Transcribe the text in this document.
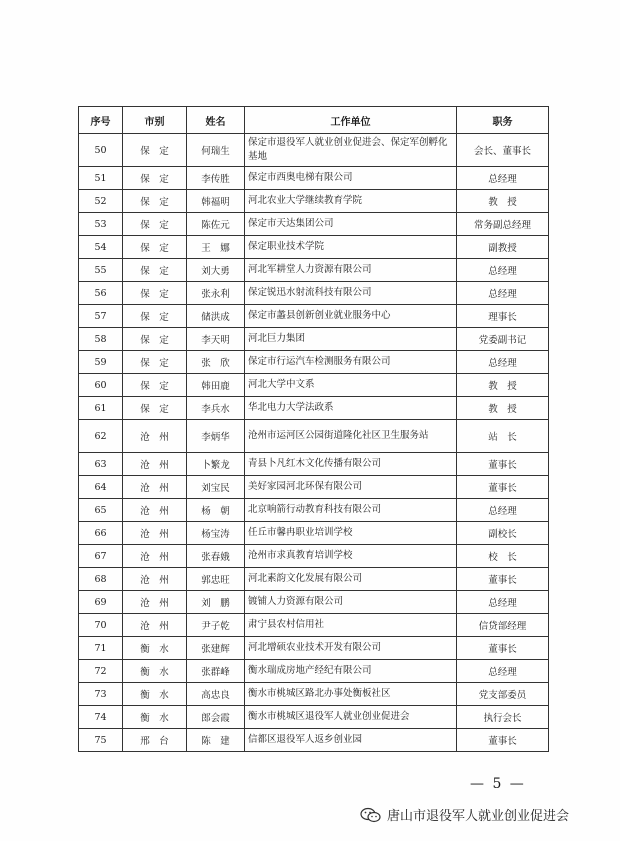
序号	市别	姓名	工作单位	职务
50	保　定	何瑞生	保定市退役军人就业创业促进会、保定军创孵化基地	会长、董事长
51	保　定	李传胜	保定市西奥电梯有限公司	总经理
52	保　定	韩福明	河北农业大学继续教育学院	教　授
53	保　定	陈佐元	保定市天达集团公司	常务副总经理
54	保　定	王　娜	保定职业技术学院	副教授
55	保　定	刘大勇	河北军耕堂人力资源有限公司	总经理
56	保　定	张永利	保定锐迅水射流科技有限公司	总经理
57	保　定	储洪成	保定市蠡县创新创业就业服务中心	理事长
58	保　定	李天明	河北巨力集团	党委副书记
59	保　定	张　欣	保定市行运汽车检测服务有限公司	总经理
60	保　定	韩田鹿	河北大学中文系	教　授
61	保　定	李兵水	华北电力大学法政系	教　授
62	沧　州	李炳华	沧州市运河区公园街道隆化社区卫生服务站	站　长
63	沧　州	卜繁龙	青县卜凡红木文化传播有限公司	董事长
64	沧　州	刘宝民	美好家园河北环保有限公司	董事长
65	沧　州	杨　朝	北京响箭行动教育科技有限公司	总经理
66	沧　州	杨宝涛	任丘市馨冉职业培训学校	副校长
67	沧　州	张春娥	沧州市求真教育培训学校	校　长
68	沧　州	郭忠旺	河北素韵文化发展有限公司	董事长
69	沧　州	刘　鹏	镀铺人力资源有限公司	总经理
70	沧　州	尹子乾	肃宁县农村信用社	信贷部经理
71	衡　水	张建辉	河北增硕农业技术开发有限公司	董事长
72	衡　水	张群峰	衡水瑞成房地产经纪有限公司	总经理
73	衡　水	高忠良	衡水市桃城区路北办事处衡板社区	党支部委员
74	衡　水	郎会霞	衡水市桃城区退役军人就业创业促进会	执行会长
75	邢　台	陈　建	信都区退役军人返乡创业园	董事长
— 5 —
唐山市退役军人就业创业促进会
